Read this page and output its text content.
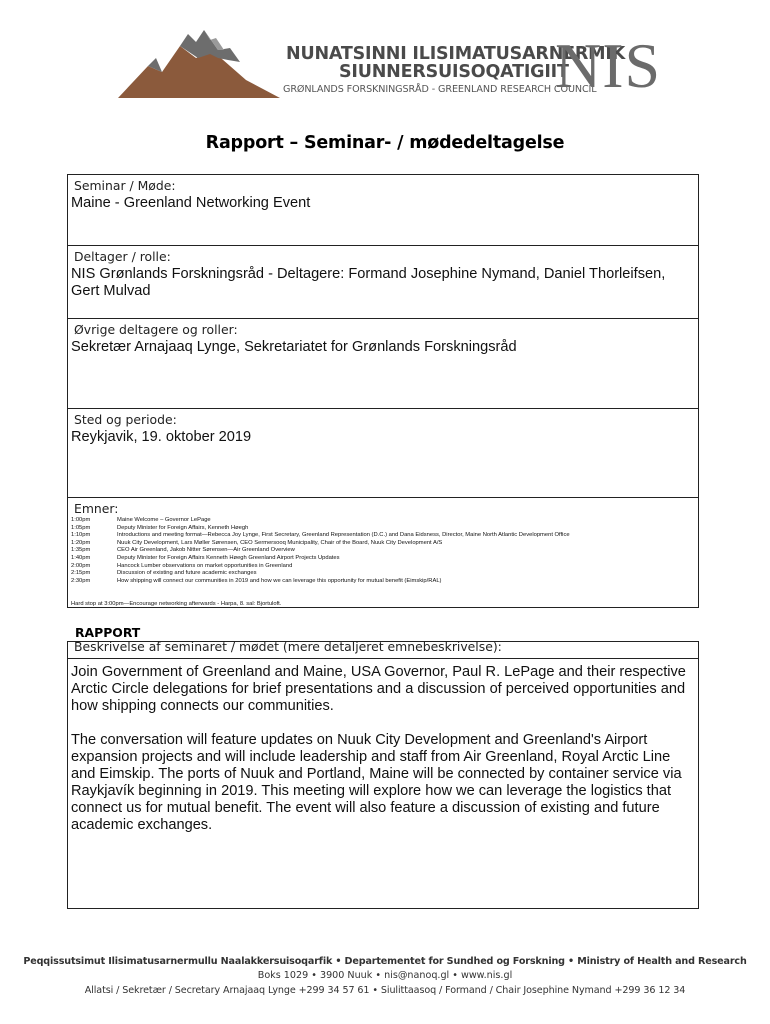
NUNATSINNI ILISIMATUSARNERMIK
SIUNNERSUISOQATIGIIT
GRØNLANDS FORSKNINGSRÅD - GREENLAND RESEARCH COUNCIL
NIS
Rapport – Seminar- / mødedeltagelse
Seminar / Møde:
Maine - Greenland Networking Event
Deltager / rolle:
NIS Grønlands Forskningsråd - Deltagere: Formand Josephine Nymand, Daniel Thorleifsen, Gert Mulvad
Øvrige deltagere og roller:
Sekretær Arnajaaq Lynge, Sekretariatet for Grønlands Forskningsråd
Sted og periode:
Reykjavik, 19. oktober 2019
Emner:
1:00pm	Maine Welcome – Governor LePage
1:05pm	Deputy Minister for Foreign Affairs, Kenneth Høegh
1:10pm	Introductions and meeting format—Rebecca Joy Lynge, First Secretary, Greenland Representation (D.C.) and Dana Eidsness, Director, Maine North Atlantic Development Office
1:20pm	Nuuk City Development, Lars Møller Sørensen, CEO Sermersooq Municipality, Chair of the Board, Nuuk City Development A/S
1:35pm	CEO Air Greenland, Jakob Nitter Sørensen—Air Greenland Overview
1:40pm	Deputy Minister for Foreign Affairs Kenneth Høegh Greenland Airport Projects Updates
2:00pm	Hancock Lumber observations on market opportunities in Greenland
2:15pm	Discussion of existing and future academic exchanges
2:30pm	How shipping will connect our communities in 2019 and how we can leverage this opportunity for mutual benefit (Eimskip/RAL)
Hard stop at 3:00pm—Encourage networking afterwards - Harpa, 8. sal: Bjortuloft.
RAPPORT
Beskrivelse af seminaret / mødet (mere detaljeret emnebeskrivelse):

Join Government of Greenland and Maine, USA Governor, Paul R. LePage and their respective Arctic Circle delegations for brief presentations and a discussion of perceived opportunities and how shipping connects our communities.

The conversation will feature updates on Nuuk City Development and Greenland's Airport expansion projects and will include leadership and staff from Air Greenland, Royal Arctic Line and Eimskip. The ports of Nuuk and Portland, Maine will be connected by container service via Raykjavík beginning in 2019. This meeting will explore how we can leverage the logistics that connect us for mutual benefit. The event will also feature a discussion of existing and future academic exchanges.

Peqqissutsimut Ilisimatusarnermullu Naalakkersuisoqarfik • Departementet for Sundhed og Forskning • Ministry of Health and Research
Boks 1029 • 3900 Nuuk • nis@nanoq.gl • www.nis.gl
Allatsi / Sekretær / Secretary Arnajaaq Lynge +299 34 57 61 • Siulittaasoq / Formand / Chair Josephine Nymand +299 36 12 34
